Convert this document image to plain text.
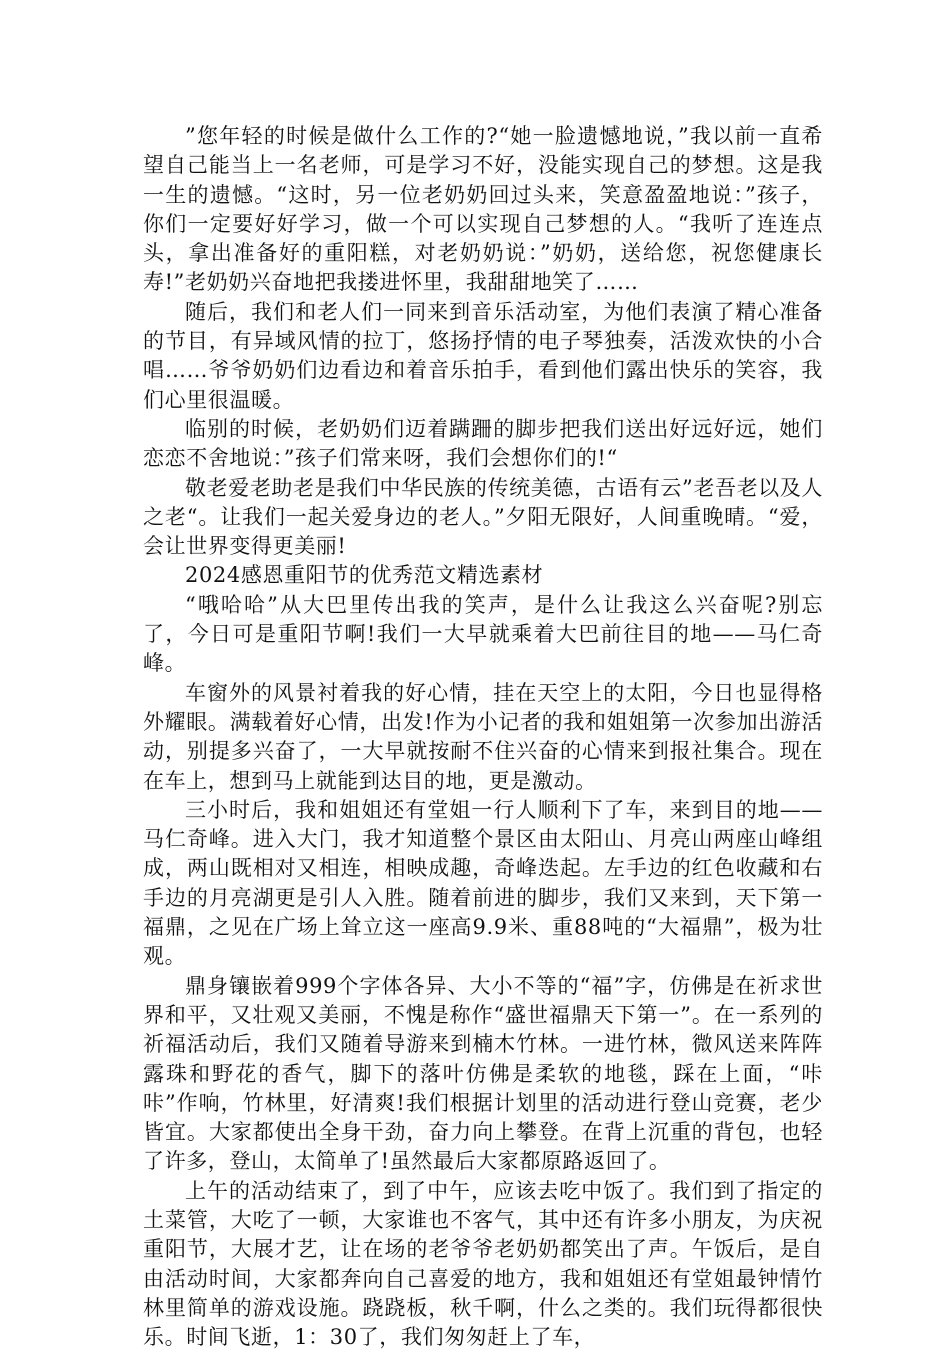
”您年轻的时候是做什么工作的?“她一脸遗憾地说，”我以前一直希望自己能当上一名老师，可是学习不好，没能实现自己的梦想。这是我一生的遗憾。“这时，另一位老奶奶回过头来，笑意盈盈地说：”孩子，你们一定要好好学习，做一个可以实现自己梦想的人。“我听了连连点头，拿出准备好的重阳糕，对老奶奶说：”奶奶，送给您，祝您健康长寿!”老奶奶兴奋地把我搂进怀里，我甜甜地笑了……

随后，我们和老人们一同来到音乐活动室，为他们表演了精心准备的节目，有异域风情的拉丁，悠扬抒情的电子琴独奏，活泼欢快的小合唱……爷爷奶奶们边看边和着音乐拍手，看到他们露出快乐的笑容，我们心里很温暖。

临别的时候，老奶奶们迈着蹒跚的脚步把我们送出好远好远，她们恋恋不舍地说：”孩子们常来呀，我们会想你们的!“

敬老爱老助老是我们中华民族的传统美德，古语有云”老吾老以及人之老“。让我们一起关爱身边的老人。”夕阳无限好，人间重晚晴。“爱，会让世界变得更美丽!

2024感恩重阳节的优秀范文精选素材

“哦哈哈”从大巴里传出我的笑声，是什么让我这么兴奋呢?别忘了，今日可是重阳节啊!我们一大早就乘着大巴前往目的地——马仁奇峰。

车窗外的风景衬着我的好心情，挂在天空上的太阳，今日也显得格外耀眼。满载着好心情，出发!作为小记者的我和姐姐第一次参加出游活动，别提多兴奋了，一大早就按耐不住兴奋的心情来到报社集合。现在在车上，想到马上就能到达目的地，更是激动。

三小时后，我和姐姐还有堂姐一行人顺利下了车，来到目的地——马仁奇峰。进入大门，我才知道整个景区由太阳山、月亮山两座山峰组成，两山既相对又相连，相映成趣，奇峰迭起。左手边的红色收藏和右手边的月亮湖更是引人入胜。随着前进的脚步，我们又来到，天下第一福鼎，之见在广场上耸立这一座高9.9米、重88吨的“大福鼎”，极为壮观。

鼎身镶嵌着999个字体各异、大小不等的“福”字，仿佛是在祈求世界和平，又壮观又美丽，不愧是称作“盛世福鼎天下第一”。在一系列的祈福活动后，我们又随着导游来到楠木竹林。一进竹林，微风送来阵阵露珠和野花的香气，脚下的落叶仿佛是柔软的地毯，踩在上面，“咔咔”作响，竹林里，好清爽!我们根据计划里的活动进行登山竞赛，老少皆宜。大家都使出全身干劲，奋力向上攀登。在背上沉重的背包，也轻了许多，登山，太简单了!虽然最后大家都原路返回了。

上午的活动结束了，到了中午，应该去吃中饭了。我们到了指定的土菜管，大吃了一顿，大家谁也不客气，其中还有许多小朋友，为庆祝重阳节，大展才艺，让在场的老爷爷老奶奶都笑出了声。午饭后，是自由活动时间，大家都奔向自己喜爱的地方，我和姐姐还有堂姐最钟情竹林里简单的游戏设施。跷跷板，秋千啊，什么之类的。我们玩得都很快乐。时间飞逝，1：30了，我们匆匆赶上了车，
